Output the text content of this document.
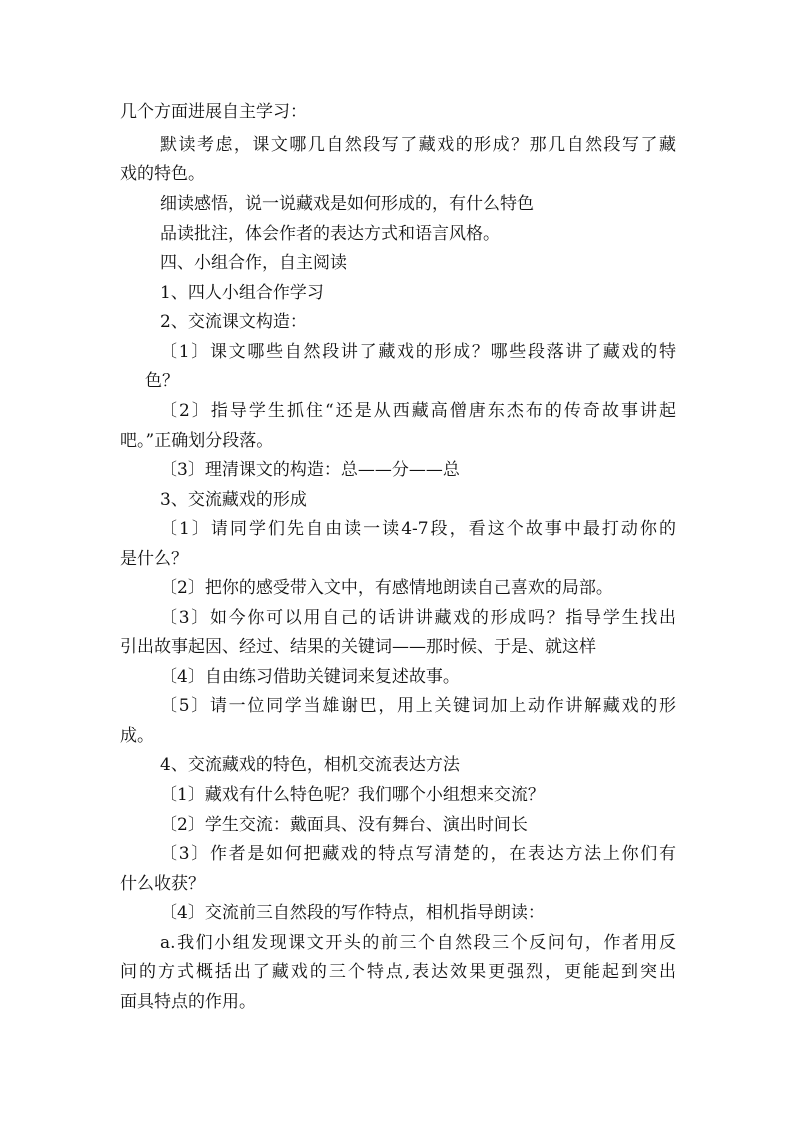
几个方面进展自主学习：
默读考虑，课文哪几自然段写了藏戏的形成？那几自然段写了藏
戏的特色。
细读感悟，说一说藏戏是如何形成的，有什么特色
品读批注，体会作者的表达方式和语言风格。
四、小组合作，自主阅读
1、四人小组合作学习
2、交流课文构造：
〔1〕课文哪些自然段讲了藏戏的形成？哪些段落讲了藏戏的特
色？
〔2〕指导学生抓住“还是从西藏高僧唐东杰布的传奇故事讲起
吧。”正确划分段落。
〔3〕理清课文的构造：总——分——总
3、交流藏戏的形成
〔1〕请同学们先自由读一读4-7段，看这个故事中最打动你的
是什么？
〔2〕把你的感受带入文中，有感情地朗读自己喜欢的局部。
〔3〕如今你可以用自己的话讲讲藏戏的形成吗？指导学生找出
引出故事起因、经过、结果的关键词——那时候、于是、就这样
〔4〕自由练习借助关键词来复述故事。
〔5〕请一位同学当雄谢巴，用上关键词加上动作讲解藏戏的形
成。
4、交流藏戏的特色，相机交流表达方法
〔1〕藏戏有什么特色呢？我们哪个小组想来交流？
〔2〕学生交流：戴面具、没有舞台、演出时间长
〔3〕作者是如何把藏戏的特点写清楚的，在表达方法上你们有
什么收获？
〔4〕交流前三自然段的写作特点，相机指导朗读：
a.我们小组发现课文开头的前三个自然段三个反问句，作者用反
问的方式概括出了藏戏的三个特点,表达效果更强烈，更能起到突出
面具特点的作用。
